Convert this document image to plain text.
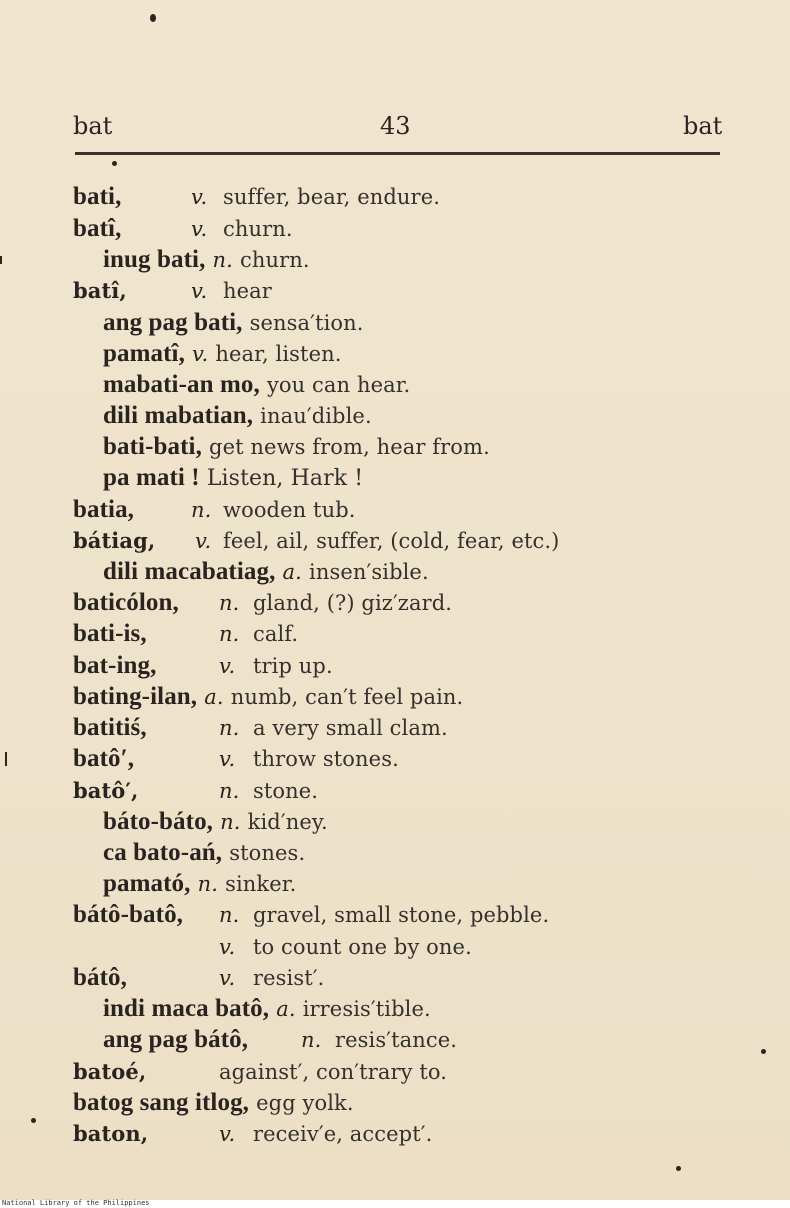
bat	43	bat
bati,	v. suffer, bear, endure.
batî,	v. churn.
inug bati, n. churn.
batî,	v. hear
ang pag bati, sensa′tion.
pamatî, v. hear, listen.
mabati-an mo, you can hear.
dili mabatian, inau′dible.
bati-bati, get news from, hear from.
pa mati ! Listen, Hark !
batia,	n. wooden tub.
bátiag, v. feel, ail, suffer, (cold, fear, etc.)
dili macabatiag, a. insen′sible.
baticólon, n. gland, (?) giz′zard.
bati-is,	n. calf.
bat-ing,	v. trip up.
bating-ilan, a. numb, can′t feel pain.
batitiś,	n. a very small clam.
batô′,	v. throw stones.
batô′,	n. stone.
báto-báto, n. kid′ney.
ca bato-ań, stones.
pamató, n. sinker.
bátô-batô, n. gravel, small stone, pebble.
v. to count one by one.
bátô,	v. resist′.
indi maca batô, a. irresis′tible.
ang pag bátô,	n. resis′tance.
batoé,	against′, con′trary to.
batog sang itlog, egg yolk.
baton,	v. receiv′e, accept′.
National Library of the Philippines
